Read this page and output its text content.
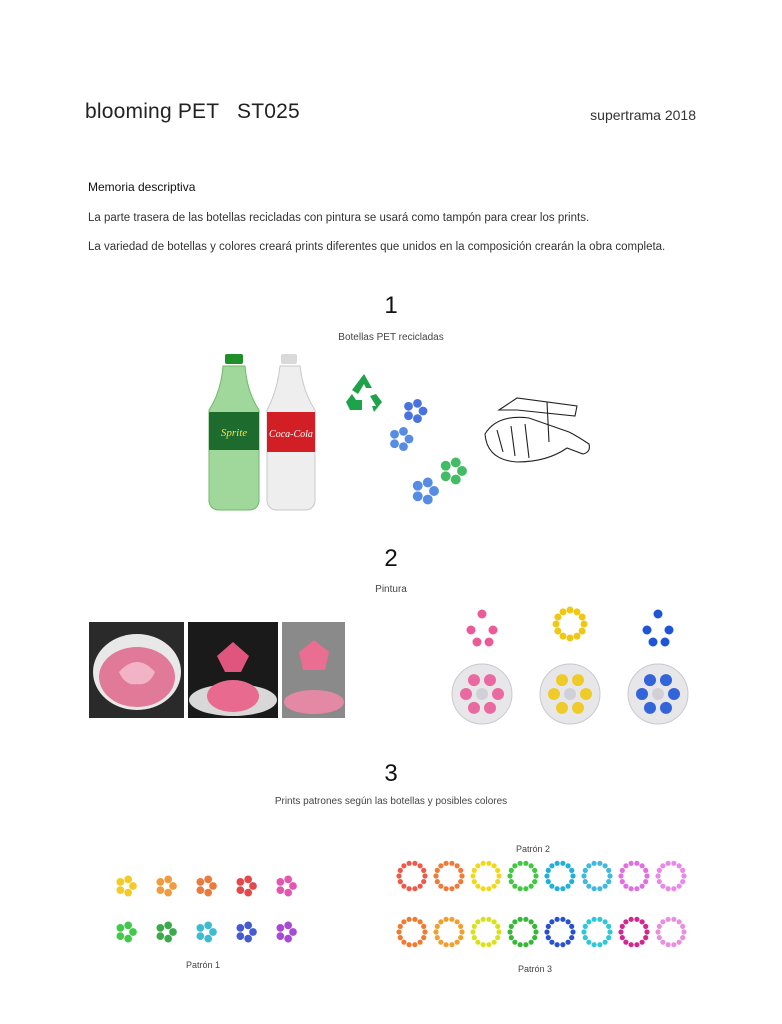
blooming PET   ST025	supertrama 2018
Memoria descriptiva
La parte trasera de las botellas recicladas con pintura se usará como tampón para crear los prints.
La variedad de botellas y colores creará prints diferentes que unidos en la composición crearán la obra completa.
1
Botellas PET recicladas
Sprite Coca-Cola
2
Pintura
3
Prints patrones según las botellas y posibles colores
Patrón 1
Patrón 2
Patrón 3
